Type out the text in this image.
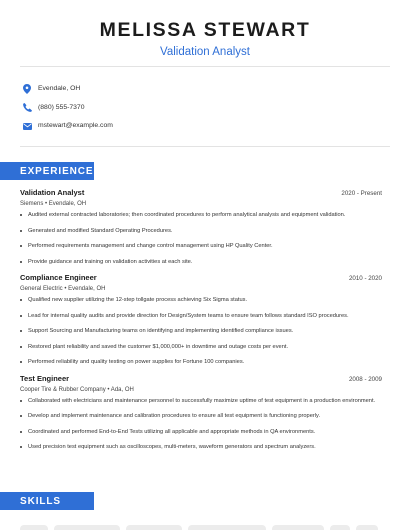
MELISSA STEWART
Validation Analyst
Evendale, OH
(880) 555-7370
mstewart@example.com
EXPERIENCE
Validation Analyst	2020 - Present
Siemens • Evendale, OH
Audited external contracted laboratories; then coordinated procedures to perform analytical analysis and equipment validation.
Generated and modified Standard Operating Procedures.
Performed requirements management and change control management using HP Quality Center.
Provide guidance and training on validation activities at each site.
Compliance Engineer	2010 - 2020
General Electric • Evendale, OH
Qualified new supplier utilizing the 12-step tollgate process achieving Six Sigma status.
Lead for internal quality audits and provide direction for Design/System teams to ensure team follows standard ISO procedures.
Support Sourcing and Manufacturing teams on identifying and implementing identified compliance issues.
Restored plant reliability and saved the customer $1,000,000+ in downtime and outage costs per event.
Performed reliability and quality testing on power supplies for Fortune 100 companies.
Test Engineer	2008 - 2009
Cooper Tire & Rubber Company • Ada, OH
Collaborated with electricians and maintenance personnel to successfully maximize uptime of test equipment in a production environment.
Develop and implement maintenance and calibration procedures to ensure all test equipment is functioning properly.
Coordinated and performed End-to-End Tests utilizing all applicable and appropriate methods in QA environments.
Used precision test equipment such as oscilloscopes, multi-meters, waveform generators and spectrum analyzers.
SKILLS
